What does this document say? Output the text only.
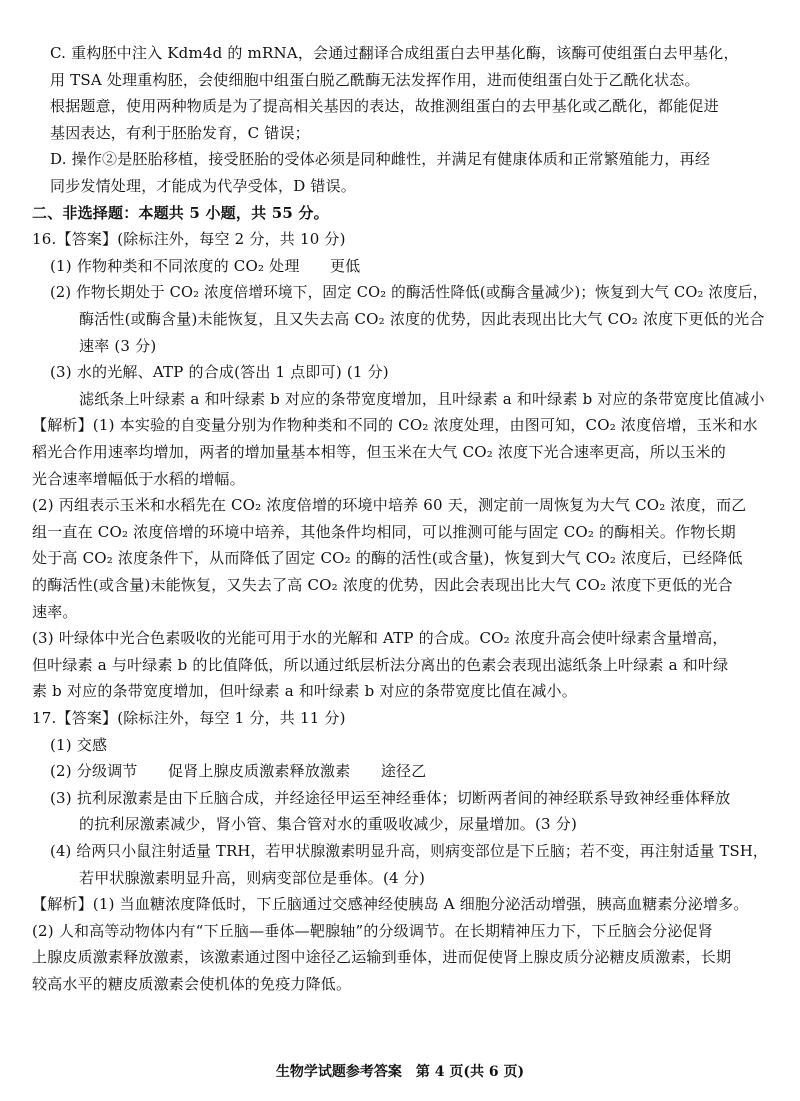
C. 重构胚中注入 Kdm4d 的 mRNA，会通过翻译合成组蛋白去甲基化酶，该酶可使组蛋白去甲基化，
用 TSA 处理重构胚，会使细胞中组蛋白脱乙酰酶无法发挥作用，进而使组蛋白处于乙酰化状态。
根据题意，使用两种物质是为了提高相关基因的表达，故推测组蛋白的去甲基化或乙酰化，都能促进
基因表达，有利于胚胎发育，C 错误；
D. 操作②是胚胎移植，接受胚胎的受体必须是同种雌性，并满足有健康体质和正常繁殖能力，再经
同步发情处理，才能成为代孕受体，D 错误。
二、非选择题：本题共 5 小题，共 55 分。
16.【答案】(除标注外，每空 2 分，共 10 分)
(1) 作物种类和不同浓度的 CO₂ 处理　　更低
(2) 作物长期处于 CO₂ 浓度倍增环境下，固定 CO₂ 的酶活性降低(或酶含量减少)；恢复到大气 CO₂ 浓度后，
酶活性(或酶含量)未能恢复，且又失去高 CO₂ 浓度的优势，因此表现出比大气 CO₂ 浓度下更低的光合
速率 (3 分)
(3) 水的光解、ATP 的合成(答出 1 点即可) (1 分)
滤纸条上叶绿素 a 和叶绿素 b 对应的条带宽度增加，且叶绿素 a 和叶绿素 b 对应的条带宽度比值减小
【解析】(1) 本实验的自变量分别为作物种类和不同的 CO₂ 浓度处理，由图可知，CO₂ 浓度倍增，玉米和水
稻光合作用速率均增加，两者的增加量基本相等，但玉米在大气 CO₂ 浓度下光合速率更高，所以玉米的
光合速率增幅低于水稻的增幅。
(2) 丙组表示玉米和水稻先在 CO₂ 浓度倍增的环境中培养 60 天，测定前一周恢复为大气 CO₂ 浓度，而乙
组一直在 CO₂ 浓度倍增的环境中培养，其他条件均相同，可以推测可能与固定 CO₂ 的酶相关。作物长期
处于高 CO₂ 浓度条件下，从而降低了固定 CO₂ 的酶的活性(或含量)，恢复到大气 CO₂ 浓度后，已经降低
的酶活性(或含量)未能恢复，又失去了高 CO₂ 浓度的优势，因此会表现出比大气 CO₂ 浓度下更低的光合
速率。
(3) 叶绿体中光合色素吸收的光能可用于水的光解和 ATP 的合成。CO₂ 浓度升高会使叶绿素含量增高，
但叶绿素 a 与叶绿素 b 的比值降低，所以通过纸层析法分离出的色素会表现出滤纸条上叶绿素 a 和叶绿
素 b 对应的条带宽度增加，但叶绿素 a 和叶绿素 b 对应的条带宽度比值在减小。
17.【答案】(除标注外，每空 1 分，共 11 分)
(1) 交感
(2) 分级调节　　促肾上腺皮质激素释放激素　　途径乙
(3) 抗利尿激素是由下丘脑合成，并经途径甲运至神经垂体；切断两者间的神经联系导致神经垂体释放
的抗利尿激素减少，肾小管、集合管对水的重吸收减少，尿量增加。(3 分)
(4) 给两只小鼠注射适量 TRH，若甲状腺激素明显升高，则病变部位是下丘脑；若不变，再注射适量 TSH，
若甲状腺激素明显升高，则病变部位是垂体。(4 分)
【解析】(1) 当血糖浓度降低时，下丘脑通过交感神经使胰岛 A 细胞分泌活动增强，胰高血糖素分泌增多。
(2) 人和高等动物体内有“下丘脑—垂体—靶腺轴”的分级调节。在长期精神压力下，下丘脑会分泌促肾
上腺皮质激素释放激素，该激素通过图中途径乙运输到垂体，进而促使肾上腺皮质分泌糖皮质激素，长期
较高水平的糖皮质激素会使机体的免疫力降低。
生物学试题参考答案　第 4 页(共 6 页)
